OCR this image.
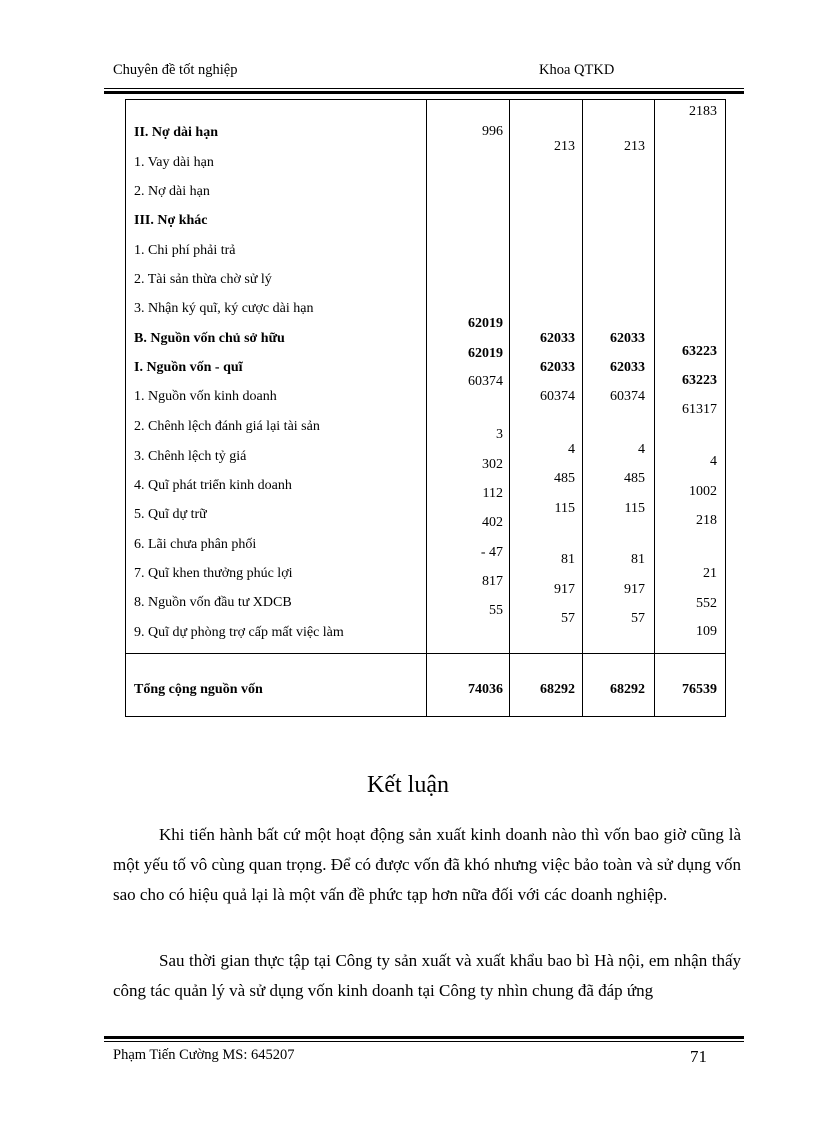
Chuyên đề tốt nghiệp	Khoa QTKD
II. Nợ dài hạn
1. Vay dài hạn
2. Nợ dài hạn
III. Nợ khác
1. Chi phí phải trả
2. Tài sản thừa chờ sử lý
3. Nhận ký quĩ, ký cược dài hạn
B. Nguồn vốn chủ sở hữu
I. Nguồn vốn - quĩ
1. Nguồn vốn kinh doanh
2. Chênh lệch đánh giá lại tài sản
3. Chênh lệch tỷ giá
4. Quĩ phát triển kinh doanh
5. Quĩ dự trữ
6. Lãi chưa phân phối
7. Quĩ khen thưởng phúc lợi
8. Nguồn vốn đầu tư XDCB
9. Quĩ dự phòng trợ cấp mất việc làm
Tổng cộng nguồn vốn
996
62019
62019
60374
3
302
112
402
- 47
817
55
74036
213
62033
62033
60374
4
485
115
81
917
57
68292
213
62033
62033
60374
4
485
115
81
917
57
68292
2183
63223
63223
61317
4
1002
218
21
552
109
76539
Kết luận
Khi tiến hành bất cứ một hoạt động sản xuất kinh doanh nào thì vốn bao giờ cũng là một yếu tố vô cùng quan trọng. Để có được vốn đã khó nhưng việc bảo toàn và sử dụng vốn sao cho có hiệu quả lại là một vấn đề phức tạp hơn nữa đối với các doanh nghiệp.
Sau thời gian thực tập tại Công ty sản xuất và xuất khẩu bao bì Hà nội, em nhận thấy công tác quản lý và sử dụng vốn kinh doanh tại Công ty nhìn chung đã đáp ứng
Phạm Tiến Cường MS: 645207	71
